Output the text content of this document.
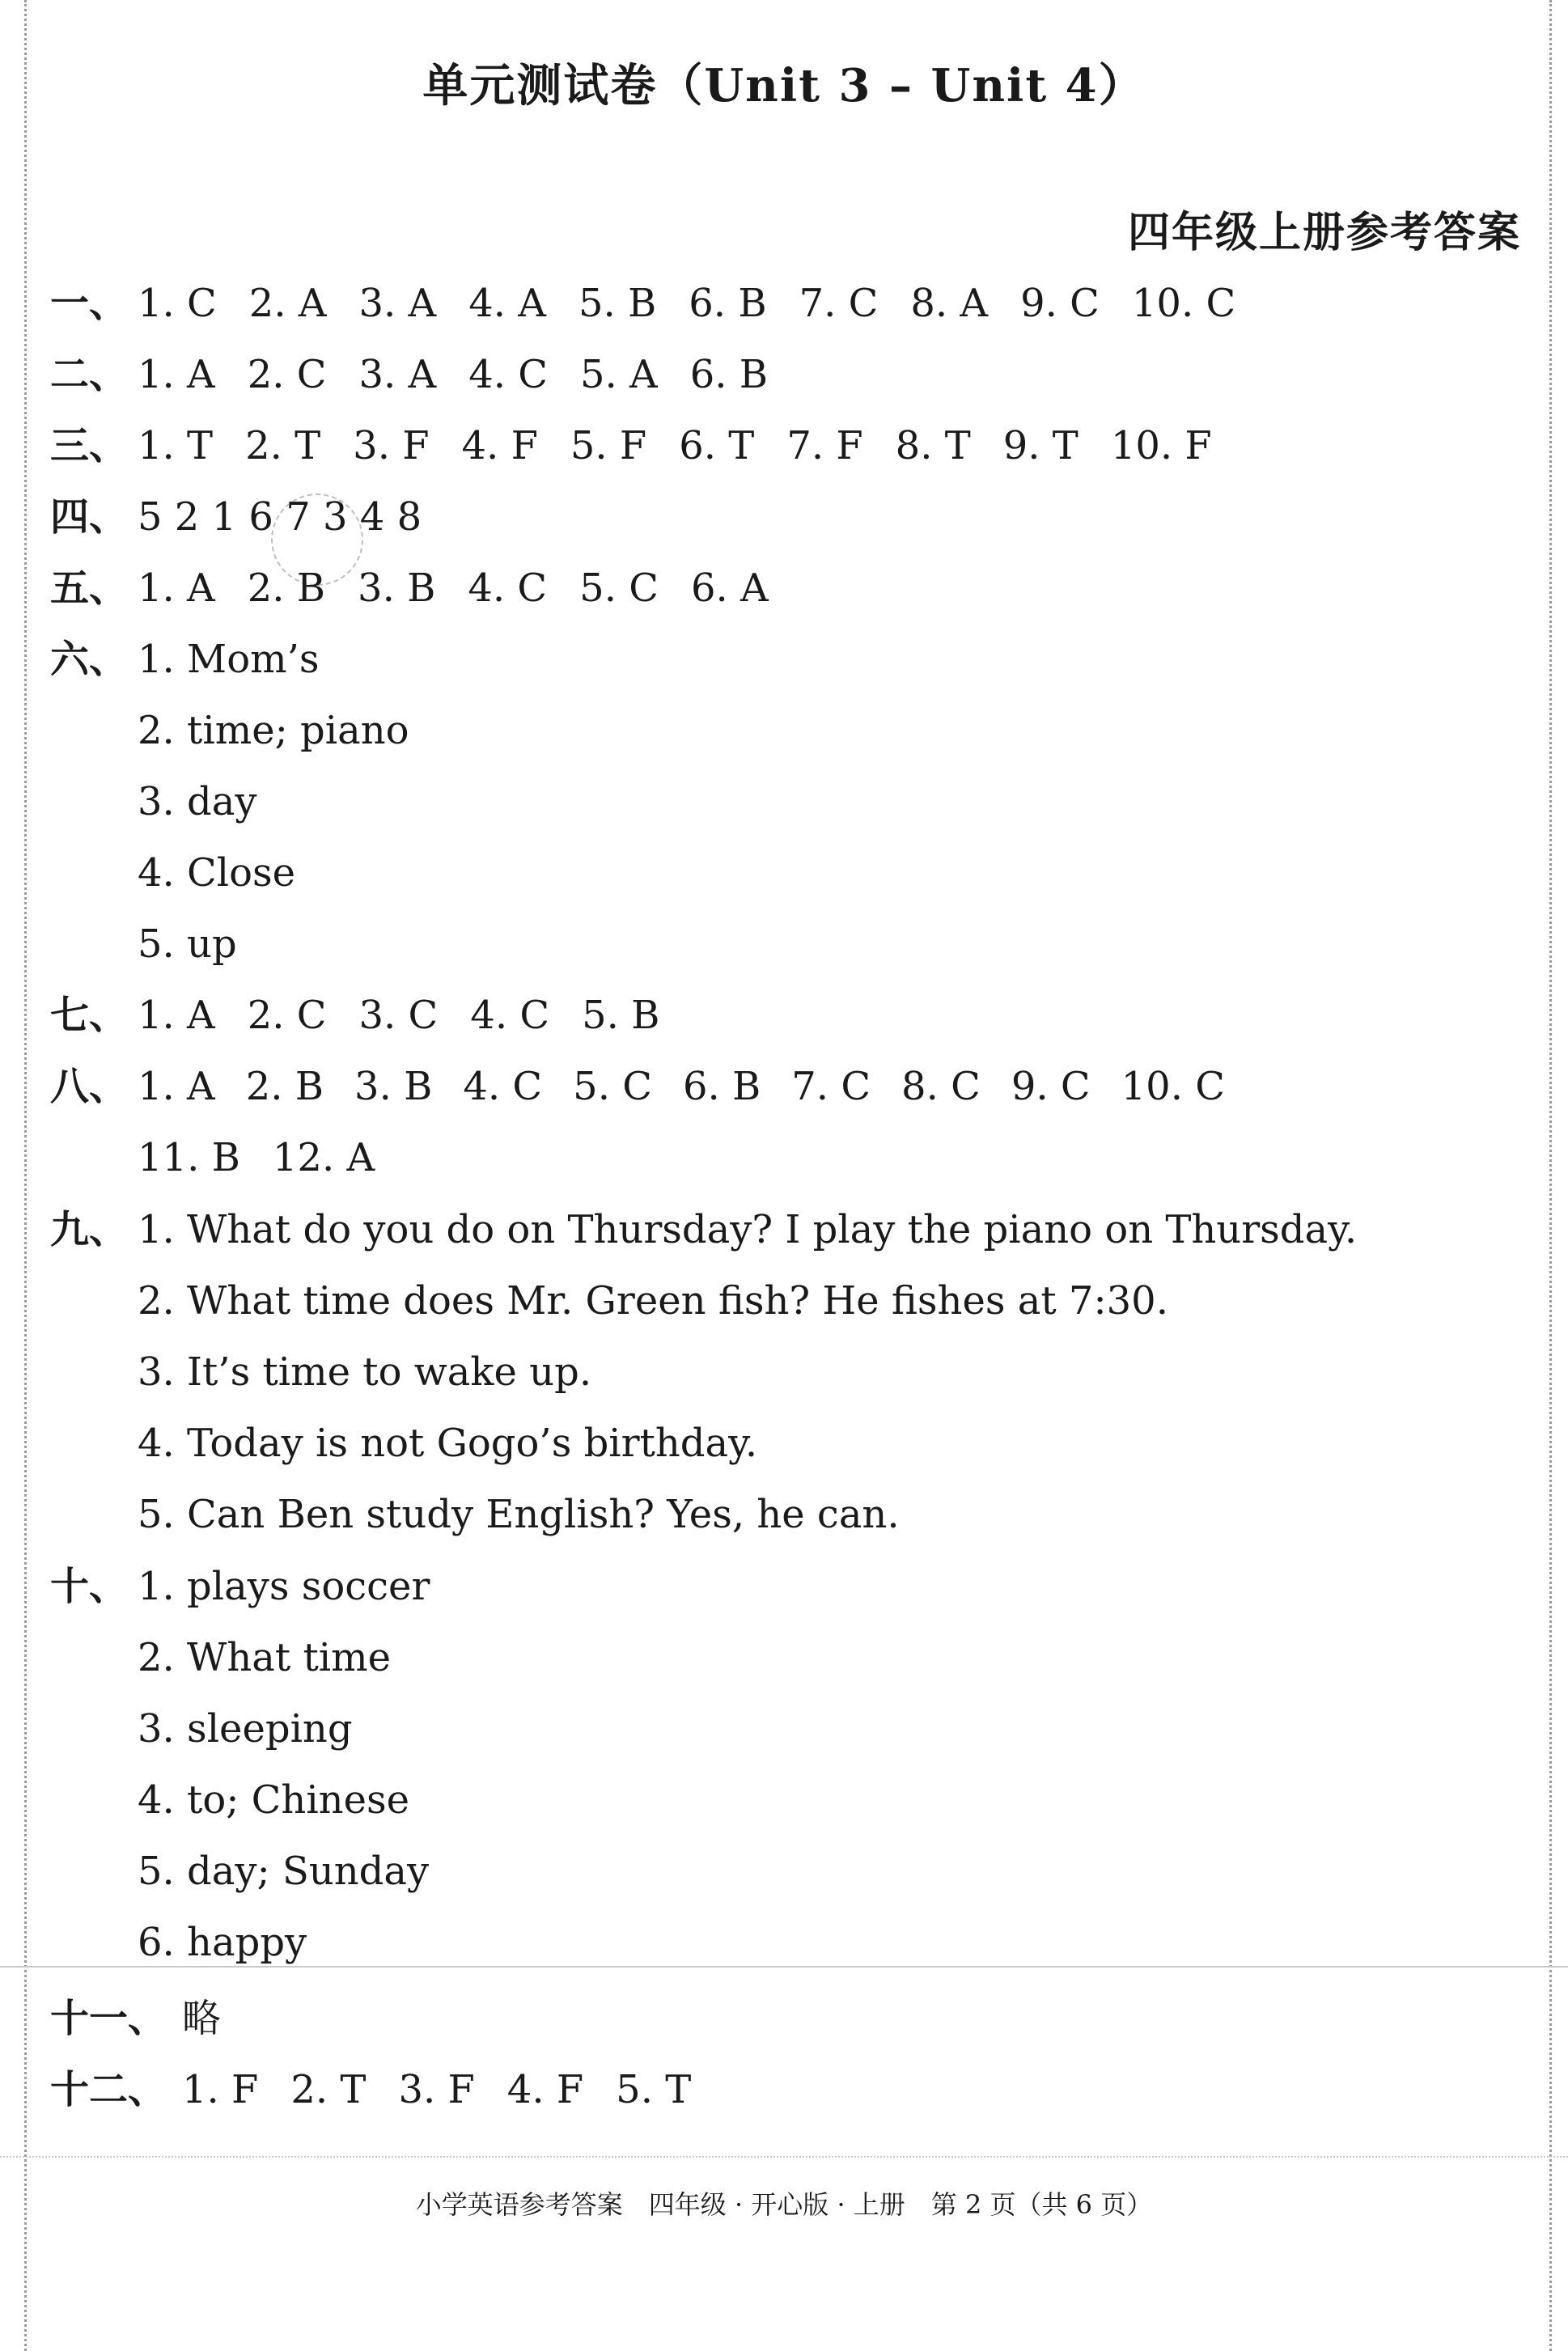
单元测试卷（Unit 3 – Unit 4）
四年级上册参考答案
一、 1. C 2. A 3. A 4. A 5. B 6. B 7. C 8. A 9. C 10. C
二、 1. A 2. C 3. A 4. C 5. A 6. B
三、 1. T 2. T 3. F 4. F 5. F 6. T 7. F 8. T 9. T 10. F
四、 5 2 1 6 7 3 4 8
五、 1. A 2. B 3. B 4. C 5. C 6. A
六、 1. Mom’s
2. time; piano
3. day
4. Close
5. up
七、 1. A 2. C 3. C 4. C 5. B
八、 1. A 2. B 3. B 4. C 5. C 6. B 7. C 8. C 9. C 10. C
11. B 12. A
九、 1. What do you do on Thursday? I play the piano on Thursday.
2. What time does Mr. Green fish? He fishes at 7:30.
3. It’s time to wake up.
4. Today is not Gogo’s birthday.
5. Can Ben study English? Yes, he can.
十、 1. plays soccer
2. What time
3. sleeping
4. to; Chinese
5. day; Sunday
6. happy
十一、 略
十二、 1. F 2. T 3. F 4. F 5. T
小学英语参考答案　四年级 · 开心版 · 上册　第 2 页（共 6 页）
